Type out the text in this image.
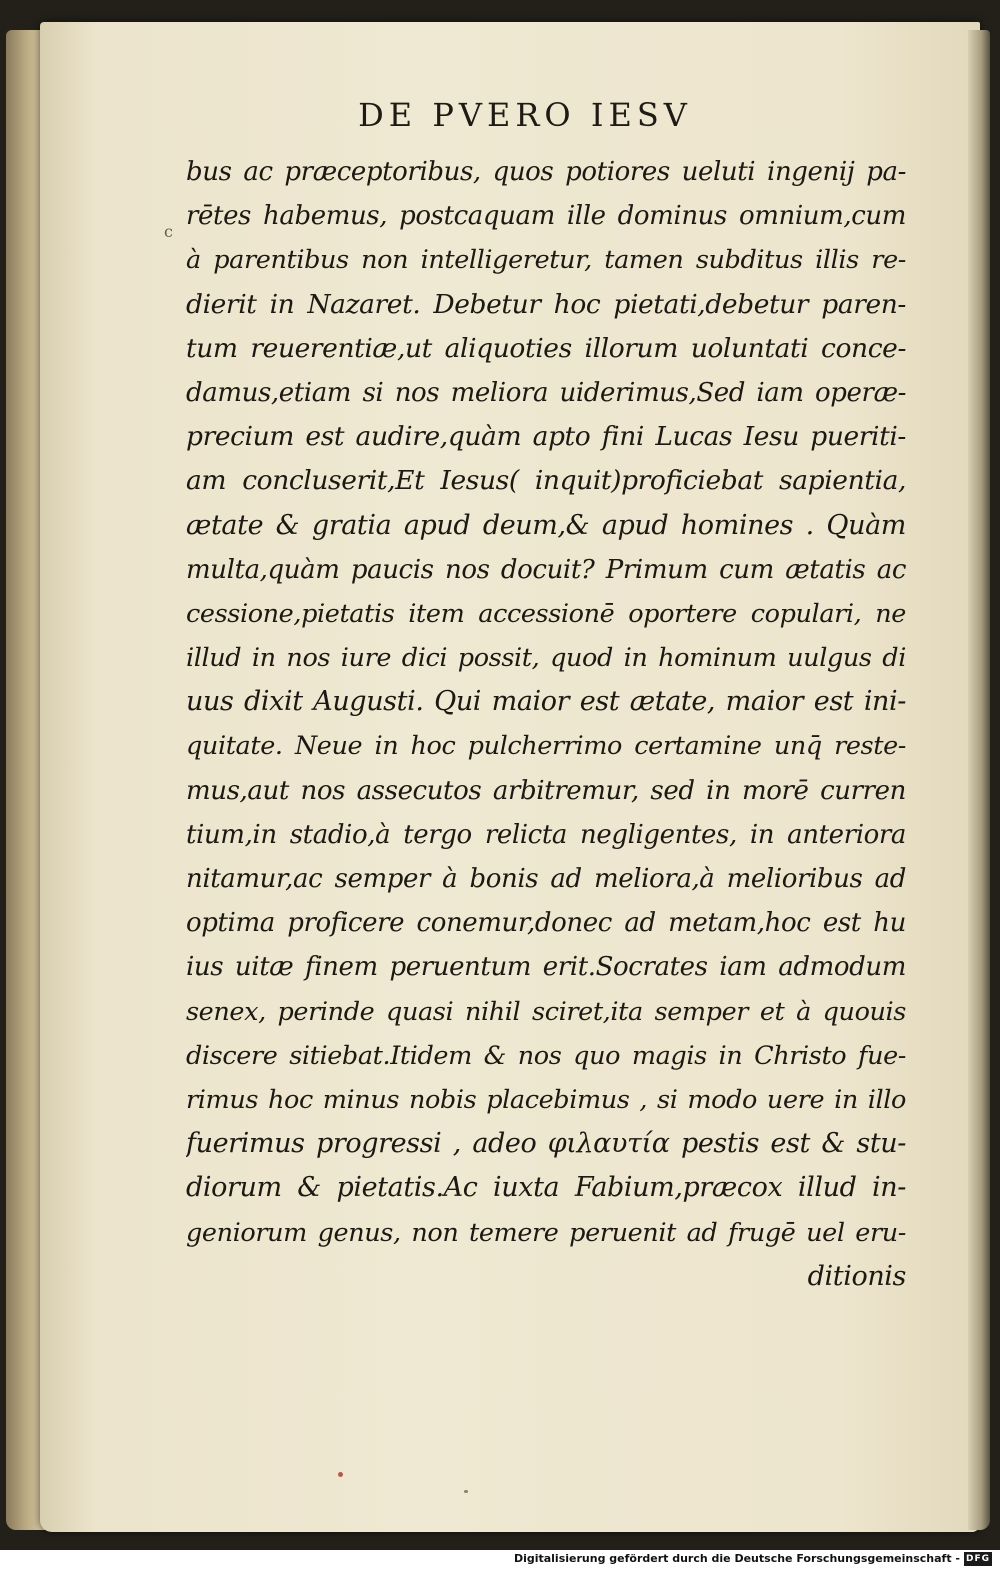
DE PVERO IESV
c
bus ac præceptoribus, quos potiores ueluti ingenij pa-
rētes habemus, postcaquam ille dominus omnium,cum
à parentibus non intelligeretur, tamen subditus illis re-
dierit in Nazaret. Debetur hoc pietati,debetur paren-
tum reuerentiæ,ut aliquoties illorum uoluntati conce-
damus,etiam si nos meliora uiderimus,Sed iam operæ-
precium est audire,quàm apto fini Lucas Iesu pueriti-
am concluserit,Et Iesus( inquit)proficiebat sapientia,
ætate & gratia apud deum,& apud homines . Quàm
multa,quàm paucis nos docuit? Primum cum ætatis ac
cessione,pietatis item accessionē oportere copulari, ne
illud in nos iure dici possit, quod in hominum uulgus di
uus dixit Augusti. Qui maior est ætate, maior est ini-
quitate. Neue in hoc pulcherrimo certamine unq̄ reste-
mus,aut nos assecutos arbitremur, sed in morē curren
tium,in stadio,à tergo relicta negligentes, in anteriora
nitamur,ac semper à bonis ad meliora,à melioribus ad
optima proficere conemur,donec ad metam,hoc est hu
ius uitæ finem peruentum erit.Socrates iam admodum
senex, perinde quasi nihil sciret,ita semper et à quouis
discere sitiebat.Itidem & nos quo magis in Christo fue-
rimus hoc minus nobis placebimus , si modo uere in illo
fuerimus progressi , adeo φιλαυτία pestis est & stu-
diorum & pietatis.Ac iuxta Fabium,præcox illud in-
geniorum genus, non temere peruenit ad frugē uel eru-
ditionis
Digitalisierung gefördert durch die Deutsche Forschungsgemeinschaft - DFG
